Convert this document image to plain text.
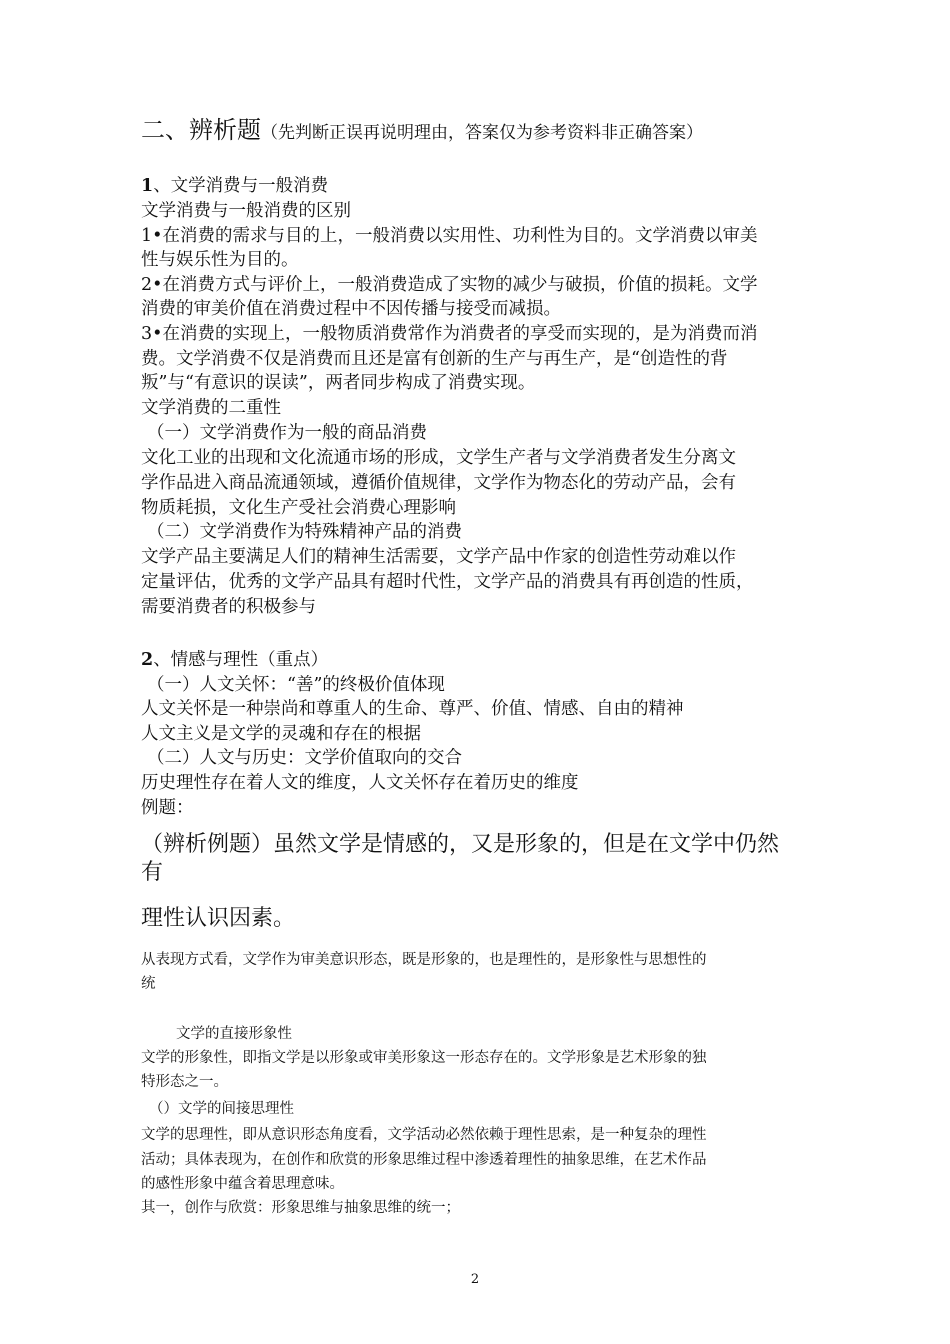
二、辨析题（先判断正误再说明理由，答案仅为参考资料非正确答案）
1、文学消费与一般消费
文学消费与一般消费的区别
1•在消费的需求与目的上，一般消费以实用性、功利性为目的。文学消费以审美
性与娱乐性为目的。
2•在消费方式与评价上，一般消费造成了实物的减少与破损，价值的损耗。文学
消费的审美价值在消费过程中不因传播与接受而减损。
3•在消费的实现上，一般物质消费常作为消费者的享受而实现的，是为消费而消
费。文学消费不仅是消费而且还是富有创新的生产与再生产，是“创造性的背
叛”与“有意识的误读”，两者同步构成了消费实现。
文学消费的二重性
（一）文学消费作为一般的商品消费
文化工业的出现和文化流通市场的形成，文学生产者与文学消费者发生分离文
学作品进入商品流通领域，遵循价值规律，文学作为物态化的劳动产品，会有
物质耗损，文化生产受社会消费心理影响
（二）文学消费作为特殊精神产品的消费
文学产品主要满足人们的精神生活需要，文学产品中作家的创造性劳动难以作
定量评估，优秀的文学产品具有超时代性，文学产品的消费具有再创造的性质，
需要消费者的积极参与
2、情感与理性（重点）
（一）人文关怀：“善”的终极价值体现
人文关怀是一种崇尚和尊重人的生命、尊严、价值、情感、自由的精神
人文主义是文学的灵魂和存在的根据
（二）人文与历史：文学价值取向的交合
历史理性存在着人文的维度，人文关怀存在着历史的维度
例题：
（辨析例题）虽然文学是情感的，又是形象的，但是在文学中仍然
有
理性认识因素。
从表现方式看，文学作为审美意识形态，既是形象的，也是理性的，是形象性与思想性的
统
文学的直接形象性
文学的形象性，即指文学是以形象或审美形象这一形态存在的。文学形象是艺术形象的独
特形态之一。
（）文学的间接思理性
文学的思理性，即从意识形态角度看，文学活动必然依赖于理性思索，是一种复杂的理性
活动；具体表现为，在创作和欣赏的形象思维过程中渗透着理性的抽象思维，在艺术作品
的感性形象中蕴含着思理意味。
其一，创作与欣赏：形象思维与抽象思维的统一；
2
